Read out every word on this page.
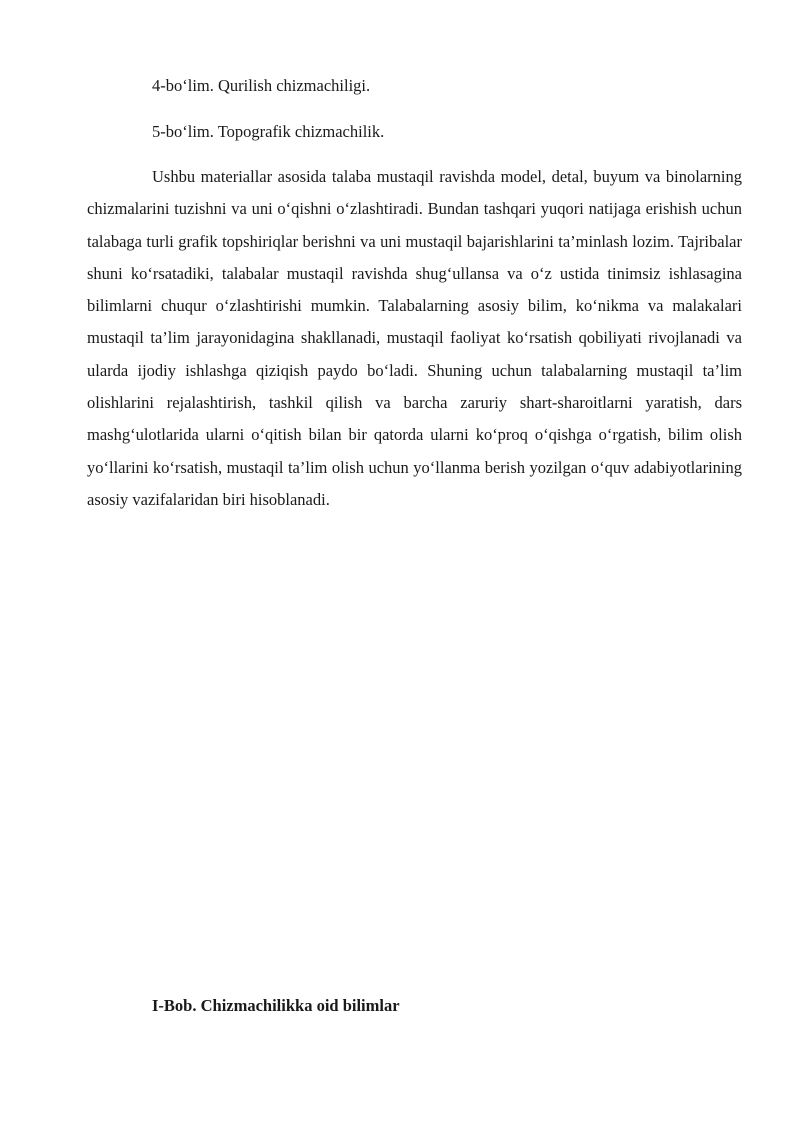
4-bo‘lim. Qurilish chizmachiligi.
5-bo‘lim. Topografik chizmachilik.

Ushbu materiallar asosida talaba mustaqil ravishda model, detal, buyum va binolarning chizmalarini tuzishni va uni o‘qishni o‘zlashtiradi. Bundan tashqari yuqori natijaga erishish uchun talabaga turli grafik topshiriqlar berishni va uni mustaqil bajarishlarini ta’minlash lozim. Tajribalar shuni ko‘rsatadiki, talabalar mustaqil ravishda shug‘ullansa va o‘z ustida tinimsiz ishlasagina bilimlarni chuqur o‘zlashtirishi mumkin. Talabalarning asosiy bilim, ko‘nikma va malakalari mustaqil ta’lim jarayonidagina shakllanadi, mustaqil faoliyat ko‘rsatish qobiliyati rivojlanadi va ularda ijodiy ishlashga qiziqish paydo bo‘ladi. Shuning uchun talabalarning mustaqil ta’lim olishlarini rejalashtirish, tashkil qilish va barcha zaruriy shart-sharoitlarni yaratish, dars mashg‘ulotlarida ularni o‘qitish bilan bir qatorda ularni ko‘proq o‘qishga o‘rgatish, bilim olish yo‘llarini ko‘rsatish, mustaqil ta’lim olish uchun yo‘llanma berish yozilgan o‘quv adabiyotlarining asosiy vazifalaridan biri hisoblanadi.

I-Bob. Chizmachilikka oid bilimlar
